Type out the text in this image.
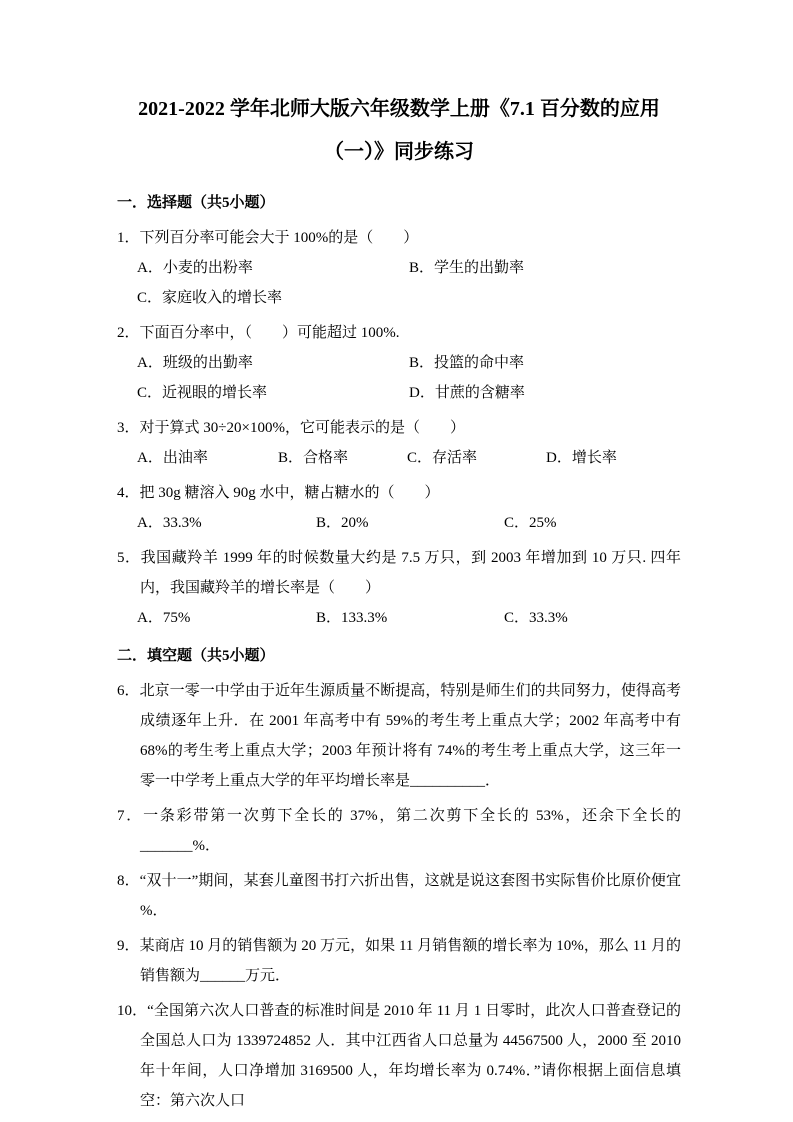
2021-2022 学年北师大版六年级数学上册《7.1 百分数的应用
（一）》同步练习
一．选择题（共5小题）

1．下列百分率可能会大于 100%的是（　　）

A．小麦的出粉率	B．学生的出勤率
C．家庭收入的增长率

2．下面百分率中，（　　）可能超过 100%.

A．班级的出勤率	B．投篮的命中率
C．近视眼的增长率	D．甘蔗的含糖率

3．对于算式 30÷20×100%，它可能表示的是（　　）

A．出油率	B．合格率	C．存活率	D．增长率

4．把 30g 糖溶入 90g 水中，糖占糖水的（　　）

A．33.3%	B．20%	C．25%

5．我国藏羚羊 1999 年的时候数量大约是 7.5 万只，到 2003 年增加到 10 万只. 四年内，我国藏羚羊的增长率是（　　）

A．75%	B．133.3%	C．33.3%
二．填空题（共5小题）

6．北京一零一中学由于近年生源质量不断提高，特别是师生们的共同努力，使得高考成绩逐年上升．在 2001 年高考中有 59%的考生考上重点大学；2002 年高考中有 68%的考生考上重点大学；2003 年预计将有 74%的考生考上重点大学，这三年一零一中学考上重点大学的年平均增长率是__________．

7．一条彩带第一次剪下全长的 37%，第二次剪下全长的 53%，还余下全长的_______%．

8．“双十一”期间，某套儿童图书打六折出售，这就是说这套图书实际售价比原价便宜　　%．

9．某商店 10 月的销售额为 20 万元，如果 11 月销售额的增长率为 10%，那么 11 月的销售额为______万元．

10．“全国第六次人口普查的标准时间是 2010 年 11 月 1 日零时，此次人口普查登记的全国总人口为 1339724852 人．其中江西省人口总量为 44567500 人，2000 至 2010 年十年间，人口净增加 3169500 人，年均增长率为 0.74%．”请你根据上面信息填空：第六次人口
